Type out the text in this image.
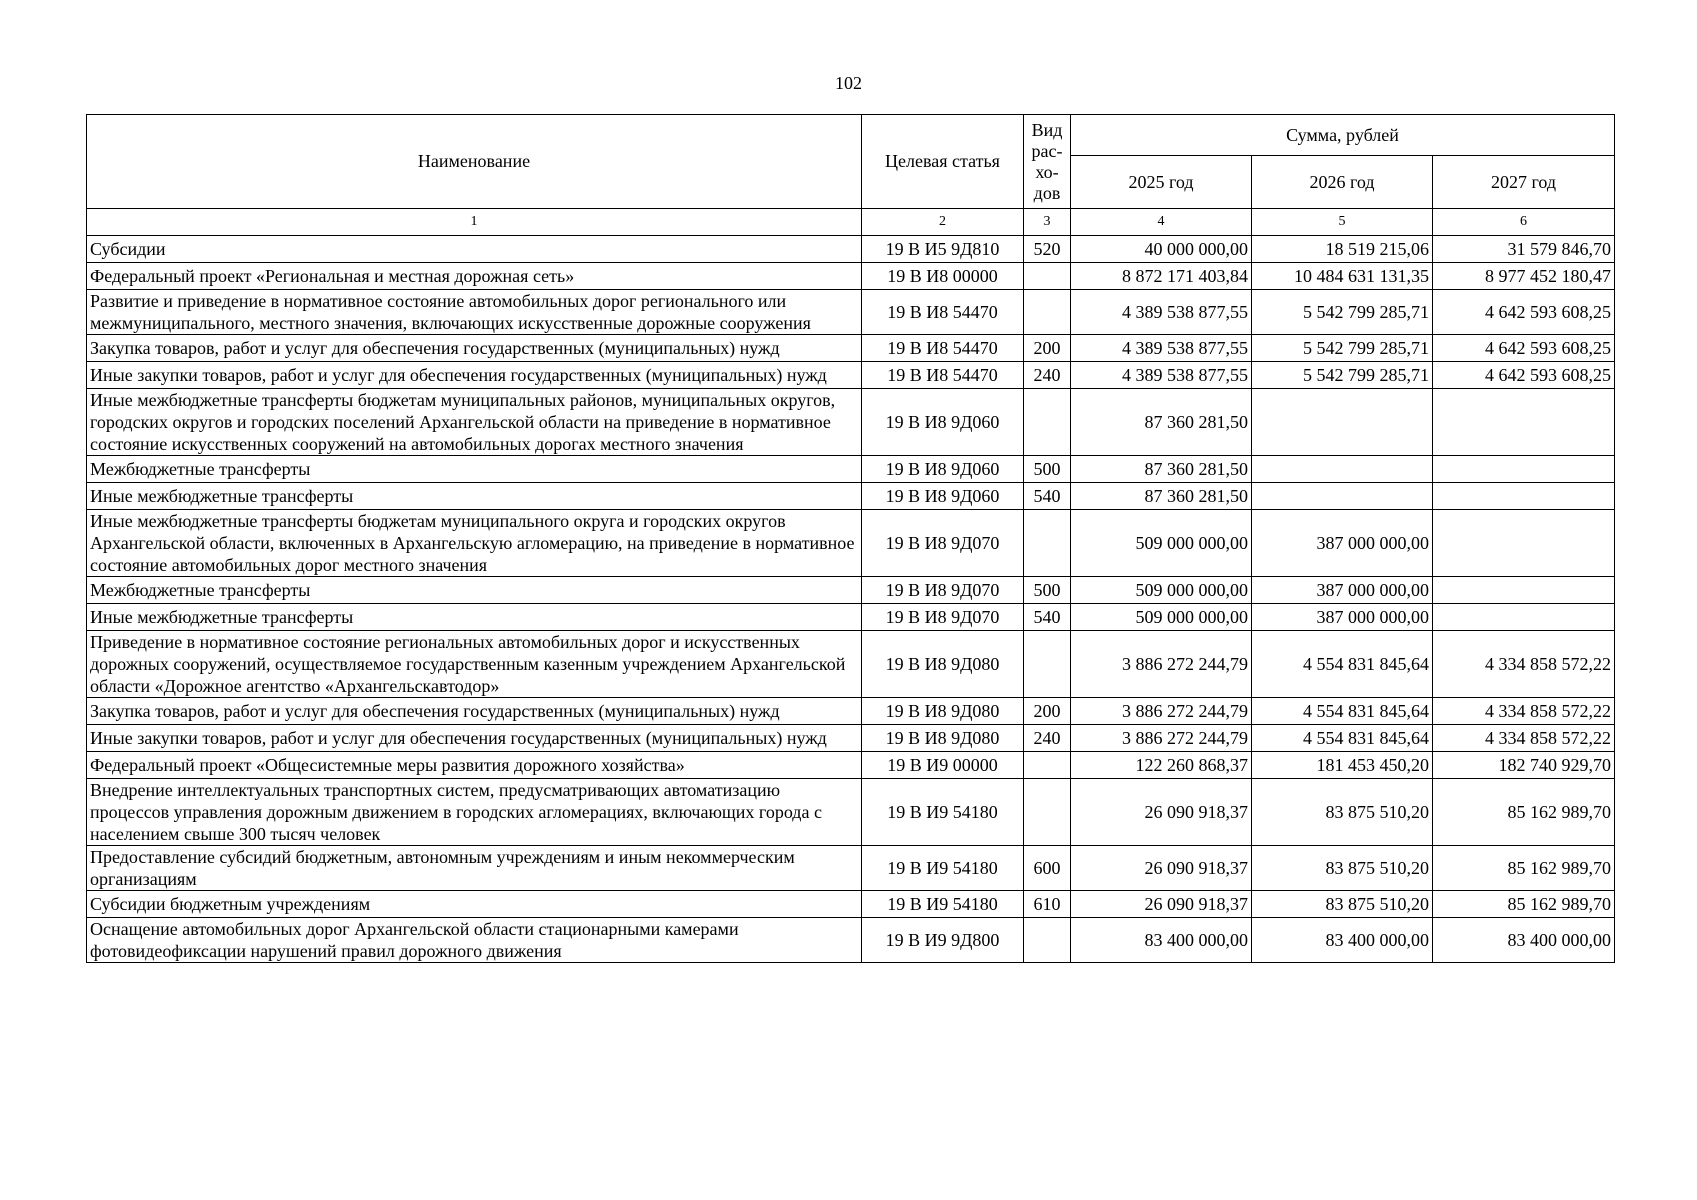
102
Наименование	Целевая статья	Вид
рас-
хо-
дов	Сумма, рублей		
			2025 год	2026 год	2027 год
1	2	3	4	5	6
Субсидии	19 В И5 9Д810	520	40 000 000,00	18 519 215,06	31 579 846,70
Федеральный проект «Региональная и местная дорожная сеть»	19 В И8 00000		8 872 171 403,84	10 484 631 131,35	8 977 452 180,47
Развитие и приведение в нормативное состояние автомобильных дорог регионального или межмуниципального, местного значения, включающих искусственные дорожные сооружения	19 В И8 54470		4 389 538 877,55	5 542 799 285,71	4 642 593 608,25
Закупка товаров, работ и услуг для обеспечения государственных (муниципальных) нужд	19 В И8 54470	200	4 389 538 877,55	5 542 799 285,71	4 642 593 608,25
Иные закупки товаров, работ и услуг для обеспечения государственных (муниципальных) нужд	19 В И8 54470	240	4 389 538 877,55	5 542 799 285,71	4 642 593 608,25
Иные межбюджетные трансферты бюджетам муниципальных районов, муниципальных округов, городских округов и городских поселений Архангельской области на приведение в нормативное состояние искусственных сооружений на автомобильных дорогах местного значения	19 В И8 9Д060		87 360 281,50		
Межбюджетные трансферты	19 В И8 9Д060	500	87 360 281,50		
Иные межбюджетные трансферты	19 В И8 9Д060	540	87 360 281,50		
Иные межбюджетные трансферты бюджетам муниципального округа и городских округов Архангельской области, включенных в Архангельскую агломерацию, на приведение в нормативное состояние автомобильных дорог местного значения	19 В И8 9Д070		509 000 000,00	387 000 000,00	
Межбюджетные трансферты	19 В И8 9Д070	500	509 000 000,00	387 000 000,00	
Иные межбюджетные трансферты	19 В И8 9Д070	540	509 000 000,00	387 000 000,00	
Приведение в нормативное состояние региональных автомобильных дорог и искусственных дорожных сооружений, осуществляемое государственным казенным учреждением Архангельской области «Дорожное агентство «Архангельскавтодор»	19 В И8 9Д080		3 886 272 244,79	4 554 831 845,64	4 334 858 572,22
Закупка товаров, работ и услуг для обеспечения государственных (муниципальных) нужд	19 В И8 9Д080	200	3 886 272 244,79	4 554 831 845,64	4 334 858 572,22
Иные закупки товаров, работ и услуг для обеспечения государственных (муниципальных) нужд	19 В И8 9Д080	240	3 886 272 244,79	4 554 831 845,64	4 334 858 572,22
Федеральный проект «Общесистемные меры развития дорожного хозяйства»	19 В И9 00000		122 260 868,37	181 453 450,20	182 740 929,70
Внедрение интеллектуальных транспортных систем, предусматривающих автоматизацию процессов управления дорожным движением в городских агломерациях, включающих города с населением свыше 300 тысяч человек	19 В И9 54180		26 090 918,37	83 875 510,20	85 162 989,70
Предоставление субсидий бюджетным, автономным учреждениям и иным некоммерческим организациям	19 В И9 54180	600	26 090 918,37	83 875 510,20	85 162 989,70
Субсидии бюджетным учреждениям	19 В И9 54180	610	26 090 918,37	83 875 510,20	85 162 989,70
Оснащение автомобильных дорог Архангельской области стационарными камерами фотовидеофиксации нарушений правил дорожного движения	19 В И9 9Д800		83 400 000,00	83 400 000,00	83 400 000,00
